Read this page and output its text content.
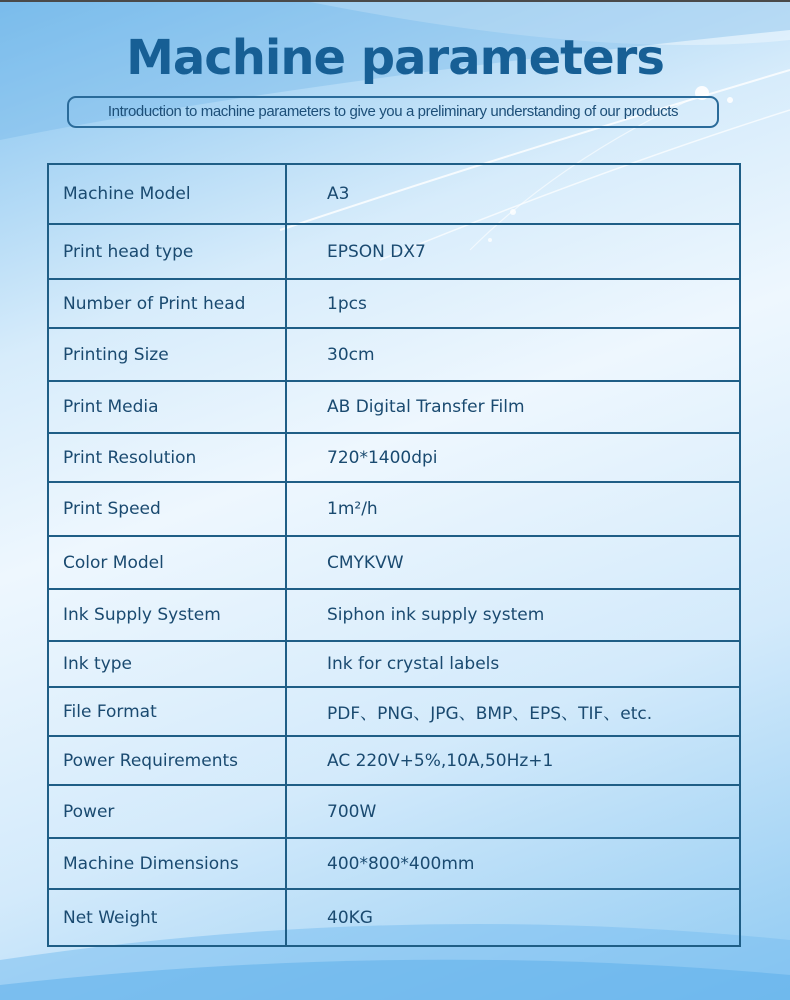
Machine parameters
Introduction to machine parameters to give you a preliminary understanding of our products
Machine Model	A3
Print head type	EPSON DX7
Number of Print head	1pcs
Printing Size	30cm
Print Media	AB Digital Transfer Film
Print Resolution	720*1400dpi
Print Speed	1m²/h
Color Model	CMYKVW
Ink Supply System	Siphon ink supply system
Ink type	Ink for crystal labels
File Format	PDF、PNG、JPG、BMP、EPS、TIF、etc.
Power Requirements	AC 220V+5%,10A,50Hz+1
Power	700W
Machine Dimensions	400*800*400mm
Net Weight	40KG
